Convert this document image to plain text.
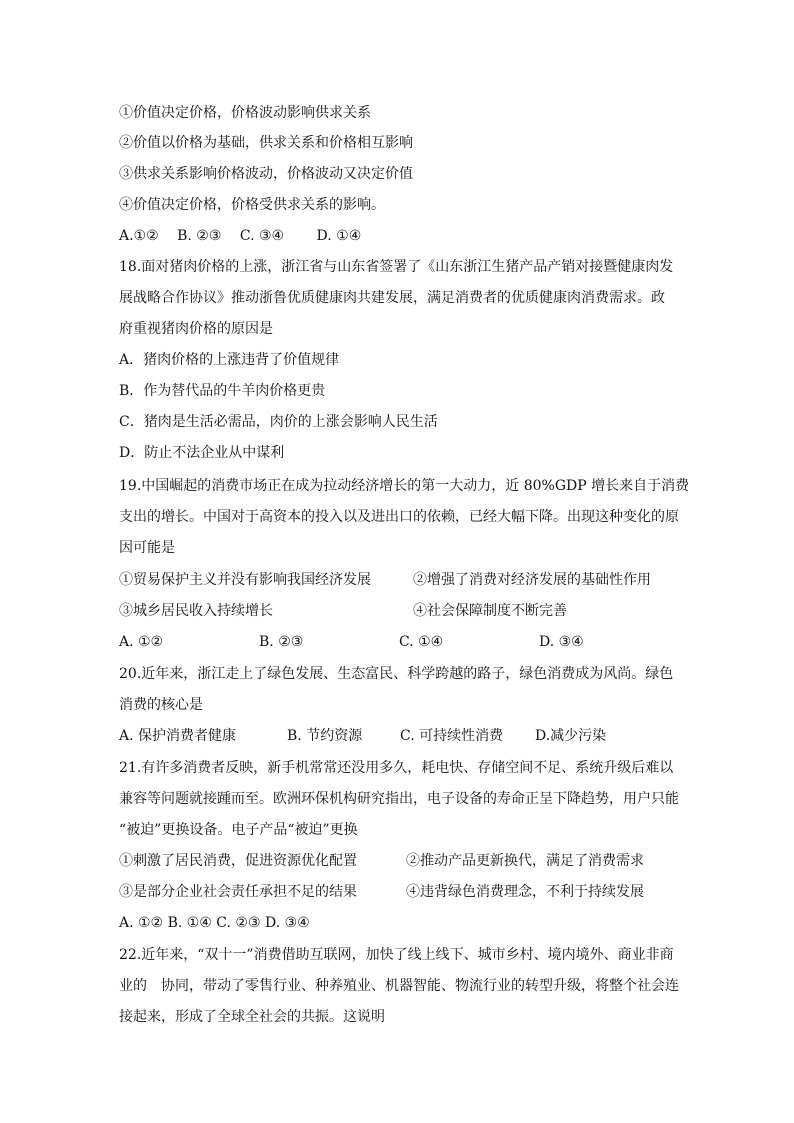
①价值决定价格，价格波动影响供求关系
②价值以价格为基础，供求关系和价格相互影响
③供求关系影响价格波动，价格波动又决定价值
④价值决定价格，价格受供求关系的影响。
A.①②　 B. ②③　 C. ③④　　 D. ①④
18.面对猪肉价格的上涨，浙江省与山东省签署了《山东浙江生猪产品产销对接暨健康肉发
展战略合作协议》推动浙鲁优质健康肉共建发展，满足消费者的优质健康肉消费需求。政
府重视猪肉价格的原因是
A．猪肉价格的上涨违背了价值规律
B．作为替代品的牛羊肉价格更贵
C．猪肉是生活必需品，肉价的上涨会影响人民生活
D．防止不法企业从中谋利
19.中国崛起的消费市场正在成为拉动经济增长的第一大动力，近 80%GDP 增长来自于消费
支出的增长。中国对于高资本的投入以及进出口的依赖，已经大幅下降。出现这种变化的原
因可能是
①贸易保护主义并没有影响我国经济发展	②增强了消费对经济发展的基础性作用
③城乡居民收入持续增长	④社会保障制度不断完善
A. ①②	B. ②③	C. ①④	D. ③④
20.近年来，浙江走上了绿色发展、生态富民、科学跨越的路子，绿色消费成为风尚。绿色
消费的核心是
A. 保护消费者健康	B. 节约资源	C. 可持续性消费 D.减少污染
21.有许多消费者反映，新手机常常还没用多久，耗电快、存储空间不足、系统升级后难以
兼容等问题就接踵而至。欧洲环保机构研究指出，电子设备的寿命正呈下降趋势，用户只能
“被迫”更换设备。电子产品“被迫”更换
①刺激了居民消费，促进资源优化配置	②推动产品更新换代，满足了消费需求
③是部分企业社会责任承担不足的结果	④违背绿色消费理念，不利于持续发展
A. ①② B. ①④ C. ②③ D. ③④
22.近年来，“双十一”消费借助互联网，加快了线上线下、城市乡村、境内境外、商业非商
业的　协同，带动了零售行业、种养殖业、机器智能、物流行业的转型升级，将整个社会连
接起来，形成了全球全社会的共振。这说明
